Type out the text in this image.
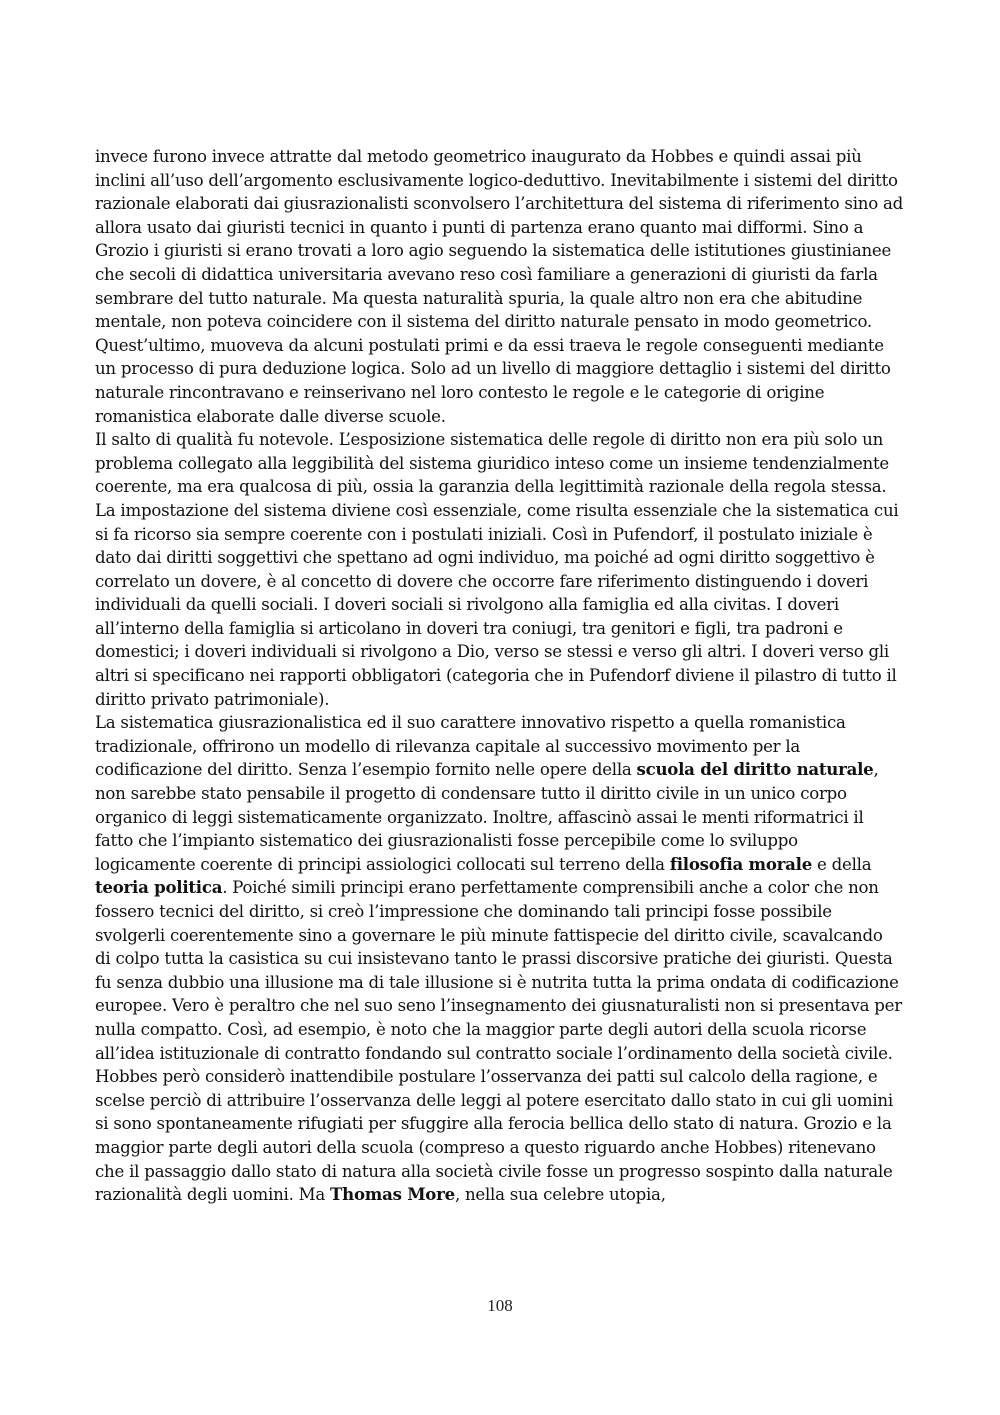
invece furono invece attratte dal metodo geometrico inaugurato da Hobbes e quindi assai più inclini all’uso dell’argomento esclusivamente logico-deduttivo. Inevitabilmente i sistemi del diritto razionale elaborati dai giusrazionalisti sconvolsero l’architettura del sistema di riferimento sino ad allora usato dai giuristi tecnici in quanto i punti di partenza erano quanto mai difformi. Sino a Grozio i giuristi si erano trovati a loro agio seguendo la sistematica delle istitutiones giustinianee che secoli di didattica universitaria avevano reso così familiare a generazioni di giuristi da farla sembrare del tutto naturale. Ma questa naturalità spuria, la quale altro non era che abitudine mentale, non poteva coincidere con il sistema del diritto naturale pensato in modo geometrico. Quest’ultimo, muoveva da alcuni postulati primi e da essi traeva le regole conseguenti mediante un processo di pura deduzione logica. Solo ad un livello di maggiore dettaglio i sistemi del diritto naturale rincontravano e reinserivano nel loro contesto le regole e le categorie di origine romanistica elaborate dalle diverse scuole.

Il salto di qualità fu notevole. L’esposizione sistematica delle regole di diritto non era più solo un problema collegato alla leggibilità del sistema giuridico inteso come un insieme tendenzialmente coerente, ma era qualcosa di più, ossia la garanzia della legittimità razionale della regola stessa.

La impostazione del sistema diviene così essenziale, come risulta essenziale che la sistematica cui si fa ricorso sia sempre coerente con i postulati iniziali. Così in Pufendorf, il postulato iniziale è dato dai diritti soggettivi che spettano ad ogni individuo, ma poiché ad ogni diritto soggettivo è correlato un dovere, è al concetto di dovere che occorre fare riferimento distinguendo i doveri individuali da quelli sociali. I doveri sociali si rivolgono alla famiglia ed alla civitas. I doveri all’interno della famiglia si articolano in doveri tra coniugi, tra genitori e figli, tra padroni e domestici; i doveri individuali si rivolgono a Dio, verso se stessi e verso gli altri. I doveri verso gli altri si specificano nei rapporti obbligatori (categoria che in Pufendorf diviene il pilastro di tutto il diritto privato patrimoniale).

La sistematica giusrazionalistica ed il suo carattere innovativo rispetto a quella romanistica tradizionale, offrirono un modello di rilevanza capitale al successivo movimento per la codificazione del diritto. Senza l’esempio fornito nelle opere della scuola del diritto naturale, non sarebbe stato pensabile il progetto di condensare tutto il diritto civile in un unico corpo organico di leggi sistematicamente organizzato. Inoltre, affascinò assai le menti riformatrici il fatto che l’impianto sistematico dei giusrazionalisti fosse percepibile come lo sviluppo logicamente coerente di principi assiologici collocati sul terreno della filosofia morale e della teoria politica. Poiché simili principi erano perfettamente comprensibili anche a color che non fossero tecnici del diritto, si creò l’impressione che dominando tali principi fosse possibile svolgerli coerentemente sino a governare le più minute fattispecie del diritto civile, scavalcando di colpo tutta la casistica su cui insistevano tanto le prassi discorsive pratiche dei giuristi. Questa fu senza dubbio una illusione ma di tale illusione si è nutrita tutta la prima ondata di codificazione europee. Vero è peraltro che nel suo seno l’insegnamento dei giusnaturalisti non si presentava per nulla compatto. Così, ad esempio, è noto che la maggior parte degli autori della scuola ricorse all’idea istituzionale di contratto fondando sul contratto sociale l’ordinamento della società civile.

Hobbes però considerò inattendibile postulare l’osservanza dei patti sul calcolo della ragione, e scelse perciò di attribuire l’osservanza delle leggi al potere esercitato dallo stato in cui gli uomini si sono spontaneamente rifugiati per sfuggire alla ferocia bellica dello stato di natura. Grozio e la maggior parte degli autori della scuola (compreso a questo riguardo anche Hobbes) ritenevano che il passaggio dallo stato di natura alla società civile fosse un progresso sospinto dalla naturale razionalità degli uomini. Ma Thomas More, nella sua celebre utopia,

108
